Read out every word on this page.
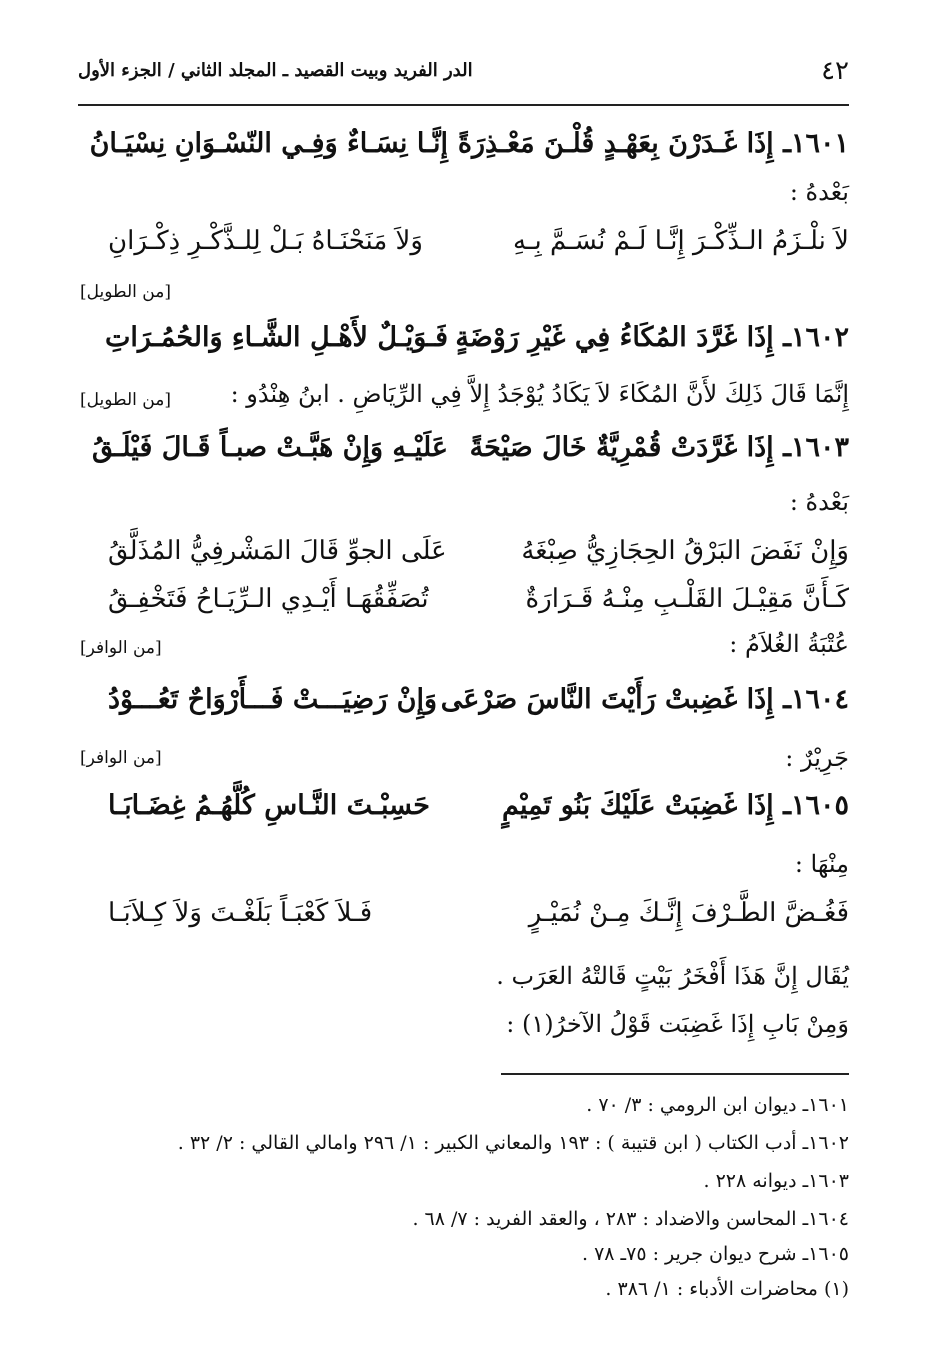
٤٢
الدر الفريد وبيت القصيد ـ المجلد الثاني / الجزء الأول
١٦٠١ـ إِذَا غَـدَرْنَ بِعَهْـدٍ قُلْـنَ مَعْـذِرَةً
إِنَّـا نِسَـاءٌ وَفِـي النّسْـوَانِ نِسْيَـانُ
بَعْدهُ :
لاَ نلْـزَمُ الـذِّكْـرَ إِنَّـا لَـمْ نُسَـمَّ بِـهِ
وَلاَ مَنَحْنَـاهُ بَـلْ لِلـذَّكْـرِ ذِكْـرَانِ
[من الطويل]
١٦٠٢ـ إِذَا غَرَّدَ المُكَاءُ فِي غَيْرِ رَوْضَةٍ
فَـوَيْـلٌ لأَهْـلِ الشَّـاءِ وَالحُمُـرَاتِ
إِنَّمَا قَالَ ذَلِكَ لأَنَّ المُكَاءَ لاَ يَكَادُ يُوْجَدُ إِلاَّ فِي الرِّيَاضِ . ابنُ هِنْدُو :
[من الطويل]
١٦٠٣ـ إِذَا غَرَّدَتْ قُمْرِيَّةٌ خَالَ صَيْحَةً
عَلَيْـهِ وَإِنْ هَبَّـتْ صبـاً قَـالَ فَيْلَـقُ
بَعْدهُ :
وَإِنْ نَفَضَ البَرْقُ الحِجَازِيُّ صِبْغَهُ
عَلَى الجوِّ قَالَ المَشْرفِيُّ المُذَلَّقُ
كَـأَنَّ مَقِيْـلَ القَلْـبِ مِنْـهُ قَـرَارَةٌ
تُصَفِّقُهَـا أَيْـدِي الـرِّيَـاحُ فَتَخْفِـقُ
عُتْبَةُ الغُلاَمُ :
[من الوافر]
١٦٠٤ـ إِذَا غَضِبتْ رَأَيْتَ النَّاسَ صَرْعَى
وَإِنْ رَضِيَـــتْ فَـــأَرْوَاحٌ تَعُـــوْدُ
جَرِيْرٌ :
[من الوافر]
١٦٠٥ـ إِذَا غَضِبَتْ عَلَيْكَ بَنُو تَمِيْمٍ
حَسِبْـتَ النَّـاسِ كُلَّهُـمُ غِضَـابَـا
مِنْهَا :
فَغُـضَّ الطَّـرْفَ إِنَّـكَ مِـنْ نُمَيْـرٍ
فَـلاَ كَعْبَـاً بَلَغْـتَ وَلاَ كِـلاَبَـا
يُقَال إِنَّ هَذَا أَفْخَرُ بَيْتٍ قَالتْهُ العَرَب .
وَمِنْ بَابِ إِذَا غَضِبَت قَوْلُ الآخرُ(١) :
١٦٠١ـ ديوان ابن الرومي : ٣/ ٧٠ .
١٦٠٢ـ أدب الكتاب ( ابن قتيبة ) : ١٩٣ والمعاني الكبير : ١/ ٢٩٦ وامالي القالي : ٢/ ٣٢ .
١٦٠٣ـ ديوانه ٢٢٨ .
١٦٠٤ـ المحاسن والاضداد : ٢٨٣ ، والعقد الفريد : ٧/ ٦٨ .
١٦٠٥ـ شرح ديوان جرير : ٧٥ـ ٧٨ .
(١) محاضرات الأدباء : ١/ ٣٨٦ .
